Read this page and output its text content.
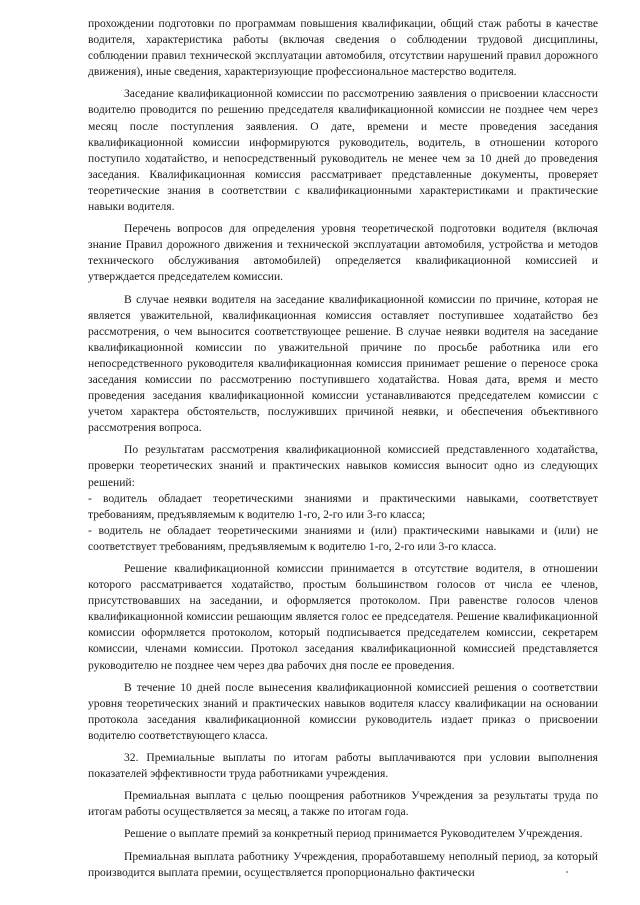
прохождении подготовки по программам повышения квалификации, общий стаж работы в качестве водителя, характеристика работы (включая сведения о соблюдении трудовой дисциплины, соблюдении правил технической эксплуатации автомобиля, отсутствии нарушений правил дорожного движения), иные сведения, характеризующие профессиональное мастерство водителя.

Заседание квалификационной комиссии по рассмотрению заявления о присвоении классности водителю проводится по решению председателя квалификационной комиссии не позднее чем через месяц после поступления заявления. О дате, времени и месте проведения заседания квалификационной комиссии информируются руководитель, водитель, в отношении которого поступило ходатайство, и непосредственный руководитель не менее чем за 10 дней до проведения заседания. Квалификационная комиссия рассматривает представленные документы, проверяет теоретические знания в соответствии с квалификационными характеристиками и практические навыки водителя.

Перечень вопросов для определения уровня теоретической подготовки водителя (включая знание Правил дорожного движения и технической эксплуатации автомобиля, устройства и методов технического обслуживания автомобилей) определяется квалификационной комиссией и утверждается председателем комиссии.

В случае неявки водителя на заседание квалификационной комиссии по причине, которая не является уважительной, квалификационная комиссия оставляет поступившее ходатайство без рассмотрения, о чем выносится соответствующее решение. В случае неявки водителя на заседание квалификационной комиссии по уважительной причине по просьбе работника или его непосредственного руководителя квалификационная комиссия принимает решение о переносе срока заседания комиссии по рассмотрению поступившего ходатайства. Новая дата, время и место проведения заседания квалификационной комиссии устанавливаются председателем комиссии с учетом характера обстоятельств, послуживших причиной неявки, и обеспечения объективного рассмотрения вопроса.

По результатам рассмотрения квалификационной комиссией представленного ходатайства, проверки теоретических знаний и практических навыков комиссия выносит одно из следующих решений:

- водитель обладает теоретическими знаниями и практическими навыками, соответствует требованиям, предъявляемым к водителю 1-го, 2-го или 3-го класса;

- водитель не обладает теоретическими знаниями и (или) практическими навыками и (или) не соответствует требованиям, предъявляемым к водителю 1-го, 2-го или 3-го класса.

Решение квалификационной комиссии принимается в отсутствие водителя, в отношении которого рассматривается ходатайство, простым большинством голосов от числа ее членов, присутствовавших на заседании, и оформляется протоколом. При равенстве голосов членов квалификационной комиссии решающим является голос ее председателя. Решение квалификационной комиссии оформляется протоколом, который подписывается председателем комиссии, секретарем комиссии, членами комиссии. Протокол заседания квалификационной комиссией представляется руководителю не позднее чем через два рабочих дня после ее проведения.

В течение 10 дней после вынесения квалификационной комиссией решения о соответствии уровня теоретических знаний и практических навыков водителя классу квалификации на основании протокола заседания квалификационной комиссии руководитель издает приказ о присвоении водителю соответствующего класса.

32. Премиальные выплаты по итогам работы выплачиваются при условии выполнения показателей эффективности труда работниками учреждения.

Премиальная выплата с целью поощрения работников Учреждения за результаты труда по итогам работы осуществляется за месяц, а также по итогам года.

Решение о выплате премий за конкретный период принимается Руководителем Учреждения.

Премиальная выплата работнику Учреждения, проработавшему неполный период, за который производится выплата премии, осуществляется пропорционально фактически
